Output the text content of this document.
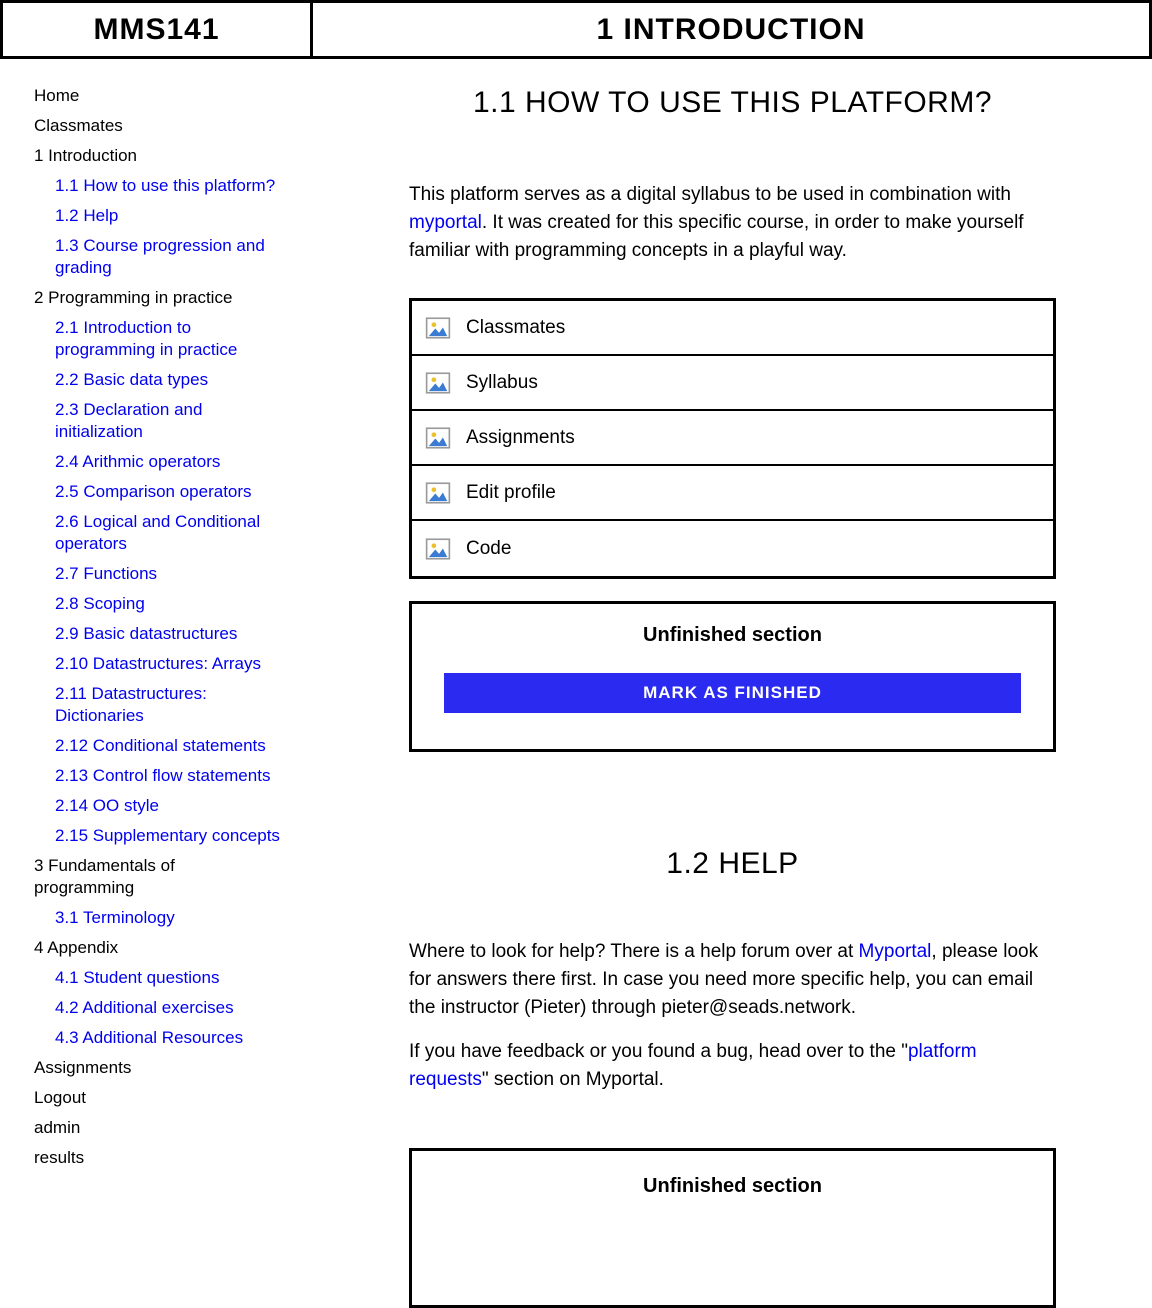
MMS141	1 INTRODUCTION
Home
Classmates
1 Introduction
1.1 How to use this platform?
1.2 Help
1.3 Course progression and grading
2 Programming in practice
2.1 Introduction to programming in practice
2.2 Basic data types
2.3 Declaration and initialization
2.4 Arithmic operators
2.5 Comparison operators
2.6 Logical and Conditional operators
2.7 Functions
2.8 Scoping
2.9 Basic datastructures
2.10 Datastructures: Arrays
2.11 Datastructures: Dictionaries
2.12 Conditional statements
2.13 Control flow statements
2.14 OO style
2.15 Supplementary concepts
3 Fundamentals of programming
3.1 Terminology
4 Appendix
4.1 Student questions
4.2 Additional exercises
4.3 Additional Resources
Assignments
Logout
admin
results
1.1 HOW TO USE THIS PLATFORM?

This platform serves as a digital syllabus to be used in combination with myportal. It was created for this specific course, in order to make yourself familiar with programming concepts in a playful way.

Classmates
Syllabus
Assignments
Edit profile
Code
Unfinished section
MARK AS FINISHED
1.2 HELP

Where to look for help? There is a help forum over at Myportal, please look for answers there first. In case you need more specific help, you can email the instructor (Pieter) through pieter@seads.network.

If you have feedback or you found a bug, head over to the "platform requests" section on Myportal.

Unfinished section
